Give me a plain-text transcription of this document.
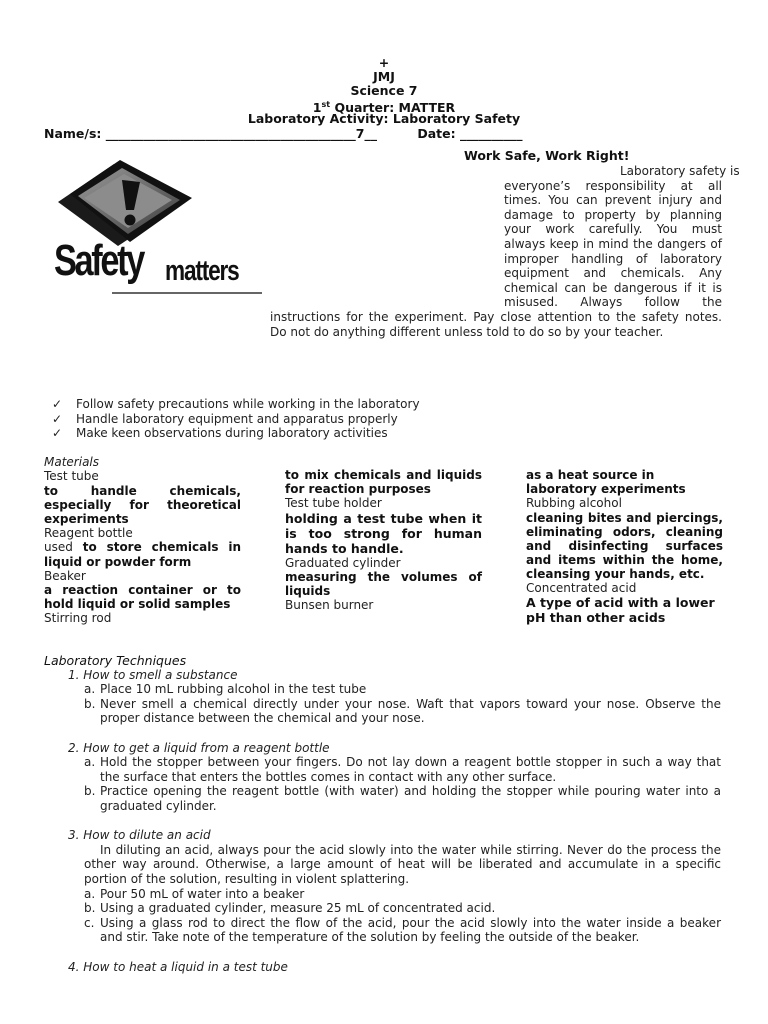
+
JMJ
Science 7
1st Quarter: MATTER
Laboratory Activity: Laboratory Safety
Name/s: ________________________________________7__	Date: __________
Safety matters
Work Safe, Work Right!
Laboratory safety is
everyone’s responsibility at all
times. You can prevent injury and
damage to property by planning
your work carefully. You must
always keep in mind the dangers of
improper handling of laboratory
equipment and chemicals. Any
chemical can be dangerous if it is
misused. Always follow the
instructions for the experiment. Pay close attention to the safety notes.
Do not do anything different unless told to do so by your teacher.
✓ Follow safety precautions while working in the laboratory
✓ Handle laboratory equipment and apparatus properly
✓ Make keen observations during laboratory activities
Materials
Test tube
to handle chemicals, especially for theoretical experiments
Reagent bottle
used to store chemicals in liquid or powder form
Beaker
a reaction container or to hold liquid or solid samples
Stirring rod
to mix chemicals and liquids for reaction purposes
Test tube holder
holding a test tube when it is too strong for human hands to handle.
Graduated cylinder
measuring the volumes of liquids
Bunsen burner
as a heat source in laboratory experiments
Rubbing alcohol
cleaning bites and piercings, eliminating odors, cleaning and disinfecting surfaces and items within the home, cleansing your hands, etc.
Concentrated acid
A type of acid with a lower pH than other acids
Laboratory Techniques
1. How to smell a substance
a. Place 10 mL rubbing alcohol in the test tube
b. Never smell a chemical directly under your nose. Waft that vapors toward your nose. Observe the
proper distance between the chemical and your nose.
2. How to get a liquid from a reagent bottle
a. Hold the stopper between your fingers. Do not lay down a reagent bottle stopper in such a way that
the surface that enters the bottles comes in contact with any other surface.
b. Practice opening the reagent bottle (with water) and holding the stopper while pouring water into a
graduated cylinder.
3. How to dilute an acid
In diluting an acid, always pour the acid slowly into the water while stirring. Never do the process the
other way around. Otherwise, a large amount of heat will be liberated and accumulate in a specific
portion of the solution, resulting in violent splattering.
a. Pour 50 mL of water into a beaker
b. Using a graduated cylinder, measure 25 mL of concentrated acid.
c. Using a glass rod to direct the flow of the acid, pour the acid slowly into the water inside a beaker
and stir. Take note of the temperature of the solution by feeling the outside of the beaker.
4. How to heat a liquid in a test tube
